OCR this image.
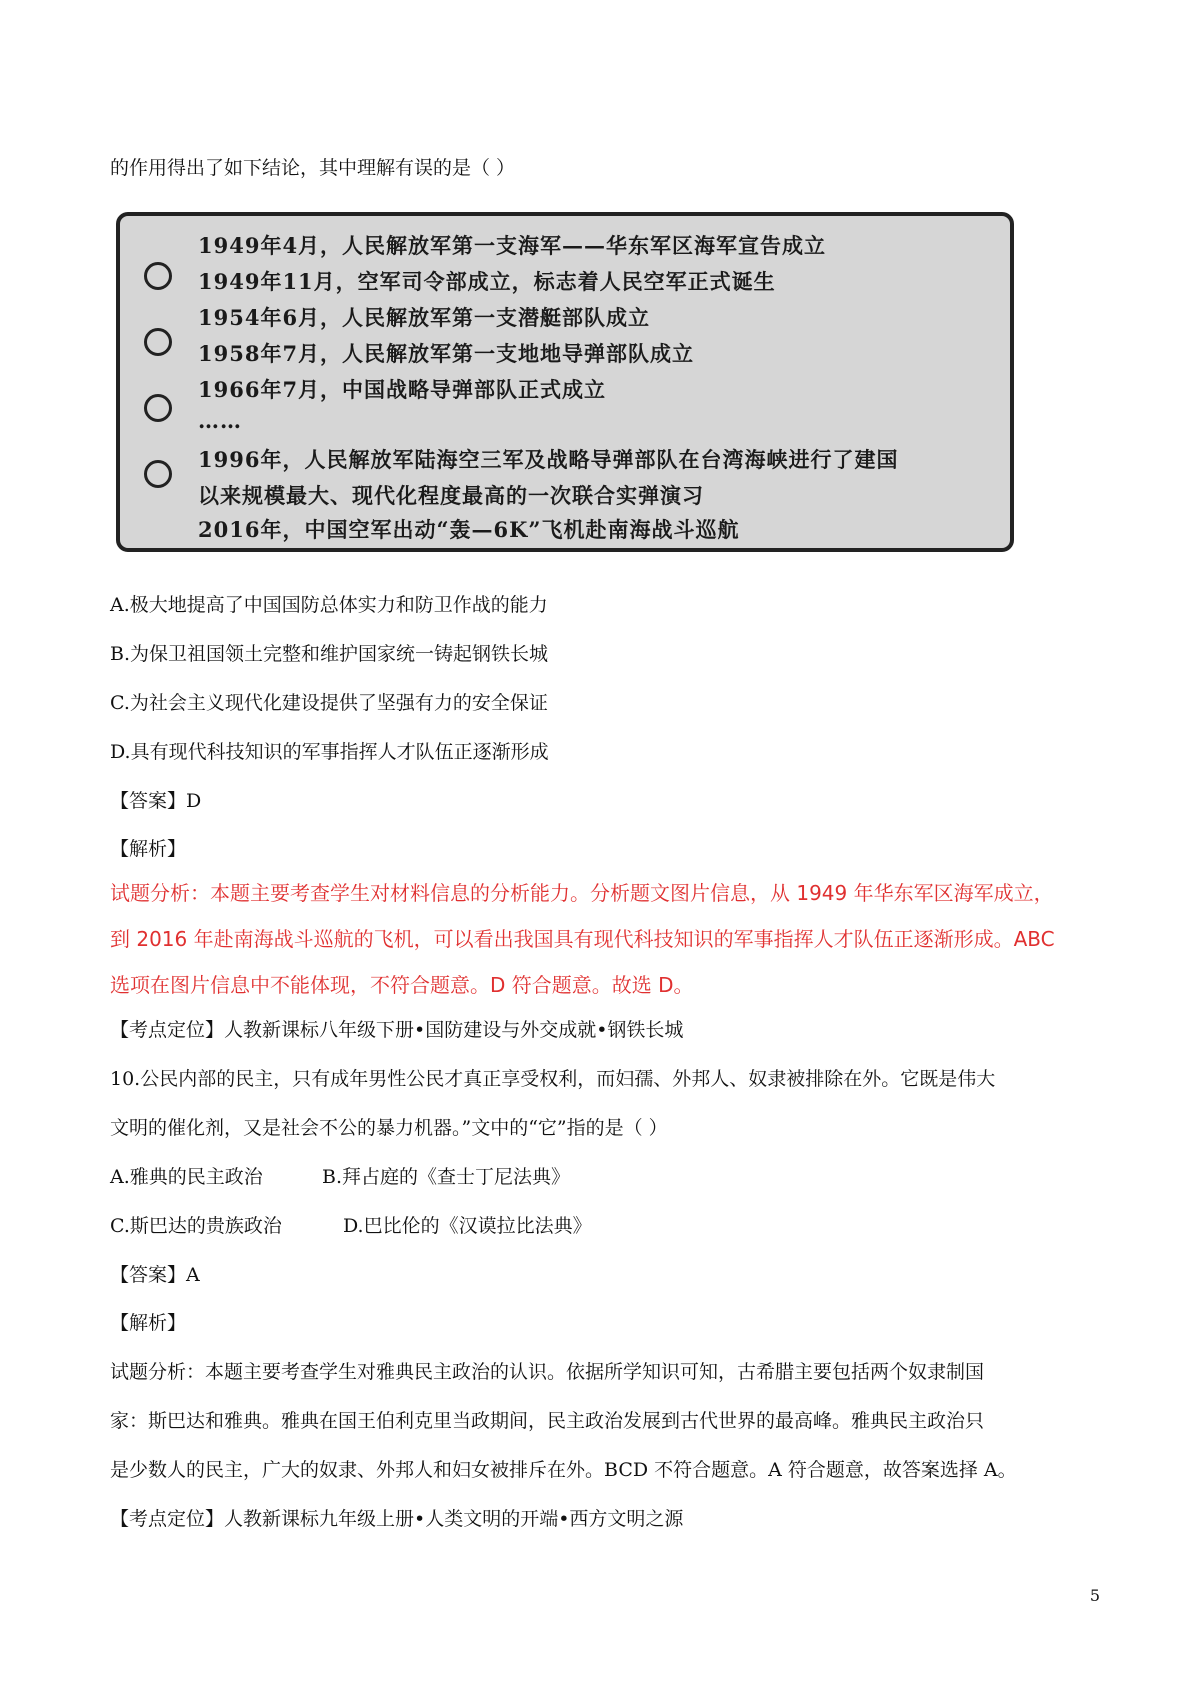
的作用得出了如下结论，其中理解有误的是（ ）
1949年4月，人民解放军第一支海军——华东军区海军宣告成立
1949年11月，空军司令部成立，标志着人民空军正式诞生
1954年6月，人民解放军第一支潜艇部队成立
1958年7月，人民解放军第一支地地导弹部队成立
1966年7月，中国战略导弹部队正式成立
……
1996年，人民解放军陆海空三军及战略导弹部队在台湾海峡进行了建国
以来规模最大、现代化程度最高的一次联合实弹演习
2016年，中国空军出动“轰—6K”飞机赴南海战斗巡航
A.极大地提高了中国国防总体实力和防卫作战的能力
B.为保卫祖国领土完整和维护国家统一铸起钢铁长城
C.为社会主义现代化建设提供了坚强有力的安全保证
D.具有现代科技知识的军事指挥人才队伍正逐渐形成
【答案】D
【解析】
试题分析：本题主要考查学生对材料信息的分析能力。分析题文图片信息，从 1949 年华东军区海军成立，
到 2016 年赴南海战斗巡航的飞机，可以看出我国具有现代科技知识的军事指挥人才队伍正逐渐形成。ABC
选项在图片信息中不能体现，不符合题意。D 符合题意。故选 D。
【考点定位】人教新课标八年级下册•国防建设与外交成就•钢铁长城
10.公民内部的民主，只有成年男性公民才真正享受权利，而妇孺、外邦人、奴隶被排除在外。它既是伟大
文明的催化剂，又是社会不公的暴力机器。”文中的“它”指的是（ ）
A.雅典的民主政治	B.拜占庭的《查士丁尼法典》
C.斯巴达的贵族政治	D.巴比伦的《汉谟拉比法典》
【答案】A
【解析】
试题分析：本题主要考查学生对雅典民主政治的认识。依据所学知识可知，古希腊主要包括两个奴隶制国
家：斯巴达和雅典。雅典在国王伯利克里当政期间，民主政治发展到古代世界的最高峰。雅典民主政治只
是少数人的民主，广大的奴隶、外邦人和妇女被排斥在外。BCD 不符合题意。A 符合题意，故答案选择 A。
【考点定位】人教新课标九年级上册•人类文明的开端•西方文明之源
5
